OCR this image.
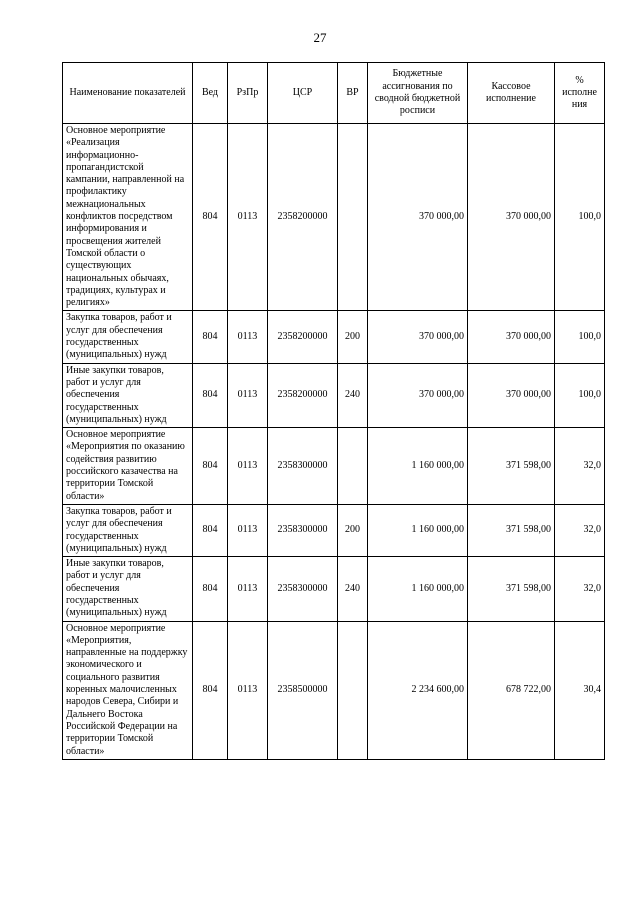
27
Наименование показателей	Вед	РзПр	ЦСР	ВР	Бюджетные ассигнования по сводной бюджетной росписи	Кассовое исполнение	% исполне ния
Основное мероприятие «Реализация информационно-пропагандистской кампании, направленной на профилактику межнациональных конфликтов посредством информирования и просвещения жителей Томской области о существующих национальных обычаях, традициях, культурах и религиях»	804	0113	2358200000		370 000,00	370 000,00	100,0
Закупка товаров, работ и услуг для обеспечения государственных (муниципальных) нужд	804	0113	2358200000	200	370 000,00	370 000,00	100,0
Иные закупки товаров, работ и услуг для обеспечения государственных (муниципальных) нужд	804	0113	2358200000	240	370 000,00	370 000,00	100,0
Основное мероприятие «Мероприятия по оказанию содействия развитию российского казачества на территории Томской области»	804	0113	2358300000		1 160 000,00	371 598,00	32,0
Закупка товаров, работ и услуг для обеспечения государственных (муниципальных) нужд	804	0113	2358300000	200	1 160 000,00	371 598,00	32,0
Иные закупки товаров, работ и услуг для обеспечения государственных (муниципальных) нужд	804	0113	2358300000	240	1 160 000,00	371 598,00	32,0
Основное мероприятие «Мероприятия, направленные на поддержку экономического и социального развития коренных малочисленных народов Севера, Сибири и Дальнего Востока Российской Федерации на территории Томской области»	804	0113	2358500000		2 234 600,00	678 722,00	30,4
